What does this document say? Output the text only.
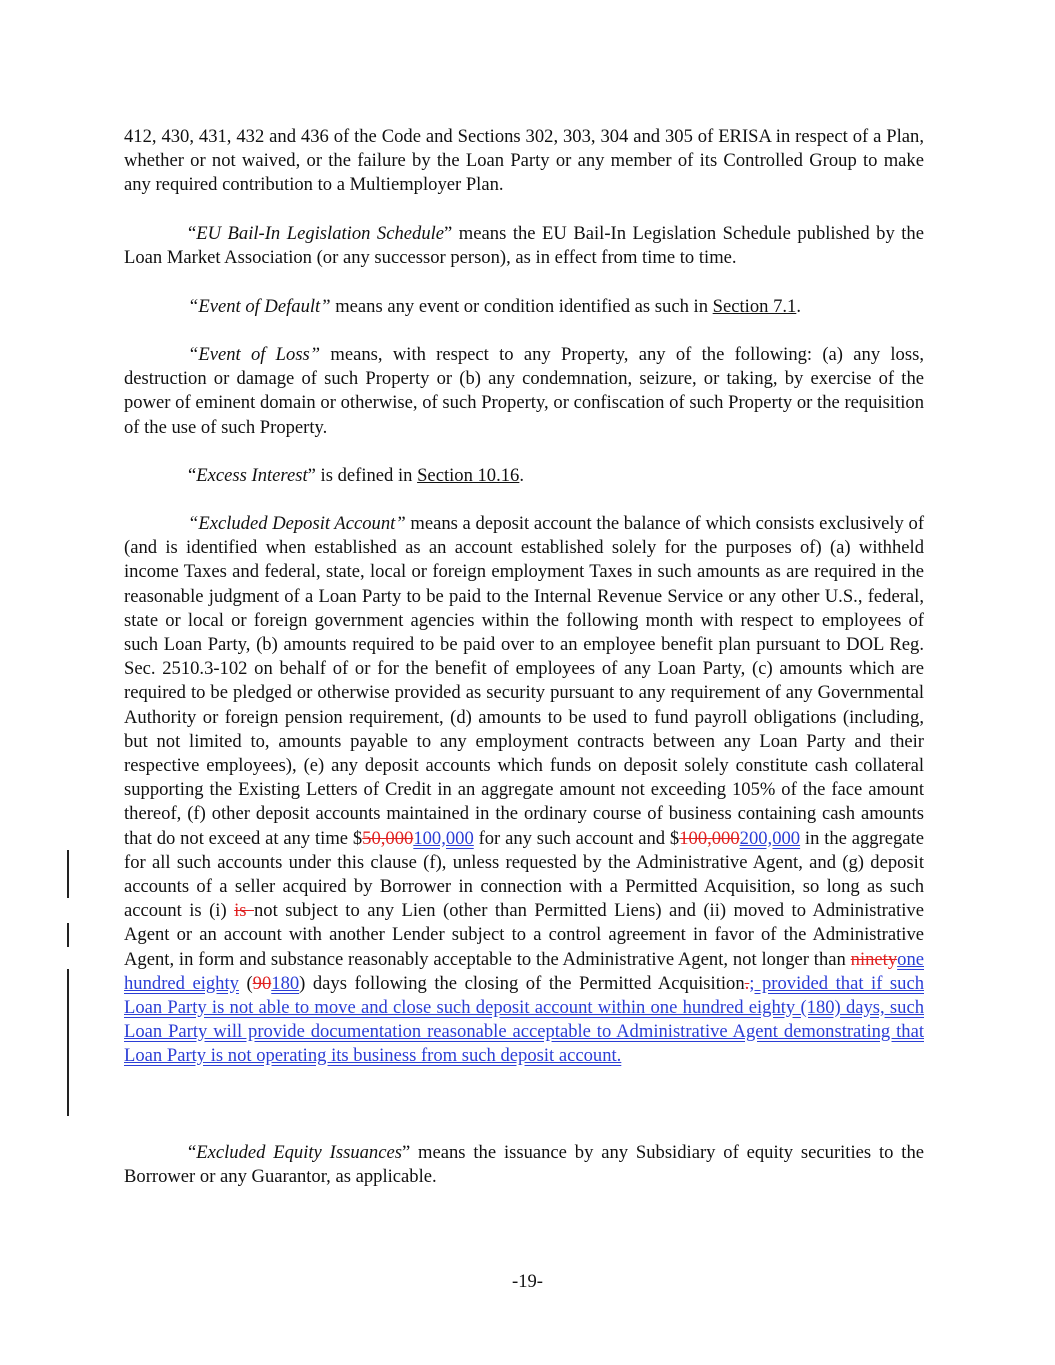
412, 430, 431, 432 and 436 of the Code and Sections 302, 303, 304 and 305 of ERISA in respect of a Plan, whether or not waived, or the failure by the Loan Party or any member of its Controlled Group to make any required contribution to a Multiemployer Plan.

“EU Bail-In Legislation Schedule” means the EU Bail-In Legislation Schedule published by the Loan Market Association (or any successor person), as in effect from time to time.

“Event of Default” means any event or condition identified as such in Section 7.1.

“Event of Loss” means, with respect to any Property, any of the following: (a) any loss, destruction or damage of such Property or (b) any condemnation, seizure, or taking, by exercise of the power of eminent domain or otherwise, of such Property, or confiscation of such Property or the requisition of the use of such Property.

“Excess Interest” is defined in Section 10.16.

“Excluded Deposit Account” means a deposit account the balance of which consists exclusively of (and is identified when established as an account established solely for the purposes of) (a) withheld income Taxes and federal, state, local or foreign employment Taxes in such amounts as are required in the reasonable judgment of a Loan Party to be paid to the Internal Revenue Service or any other U.S., federal, state or local or foreign government agencies within the following month with respect to employees of such Loan Party, (b) amounts required to be paid over to an employee benefit plan pursuant to DOL Reg. Sec. 2510.3-102 on behalf of or for the benefit of employees of any Loan Party, (c) amounts which are required to be pledged or otherwise provided as security pursuant to any requirement of any Governmental Authority or foreign pension requirement, (d) amounts to be used to fund payroll obligations (including, but not limited to, amounts payable to any employment contracts between any Loan Party and their respective employees), (e) any deposit accounts which funds on deposit solely constitute cash collateral supporting the Existing Letters of Credit in an aggregate amount not exceeding 105% of the face amount thereof, (f) other deposit accounts maintained in the ordinary course of business containing cash amounts that do not exceed at any time $50,000100,000 for any such account and $100,000200,000 in the aggregate for all such accounts under this clause (f), unless requested by the Administrative Agent, and (g) deposit accounts of a seller acquired by Borrower in connection with a Permitted Acquisition, so long as such account is (i) is not subject to any Lien (other than Permitted Liens) and (ii) moved to Administrative Agent or an account with another Lender subject to a control agreement in favor of the Administrative Agent, in form and substance reasonably acceptable to the Administrative Agent, not longer than ninetyone hundred eighty (90180) days following the closing of the Permitted Acquisition.; provided that if such Loan Party is not able to move and close such deposit account within one hundred eighty (180) days, such Loan Party will provide documentation reasonable acceptable to Administrative Agent demonstrating that Loan Party is not operating its business from such deposit account.

“Excluded Equity Issuances” means the issuance by any Subsidiary of equity securities to the Borrower or any Guarantor, as applicable.

-19-
